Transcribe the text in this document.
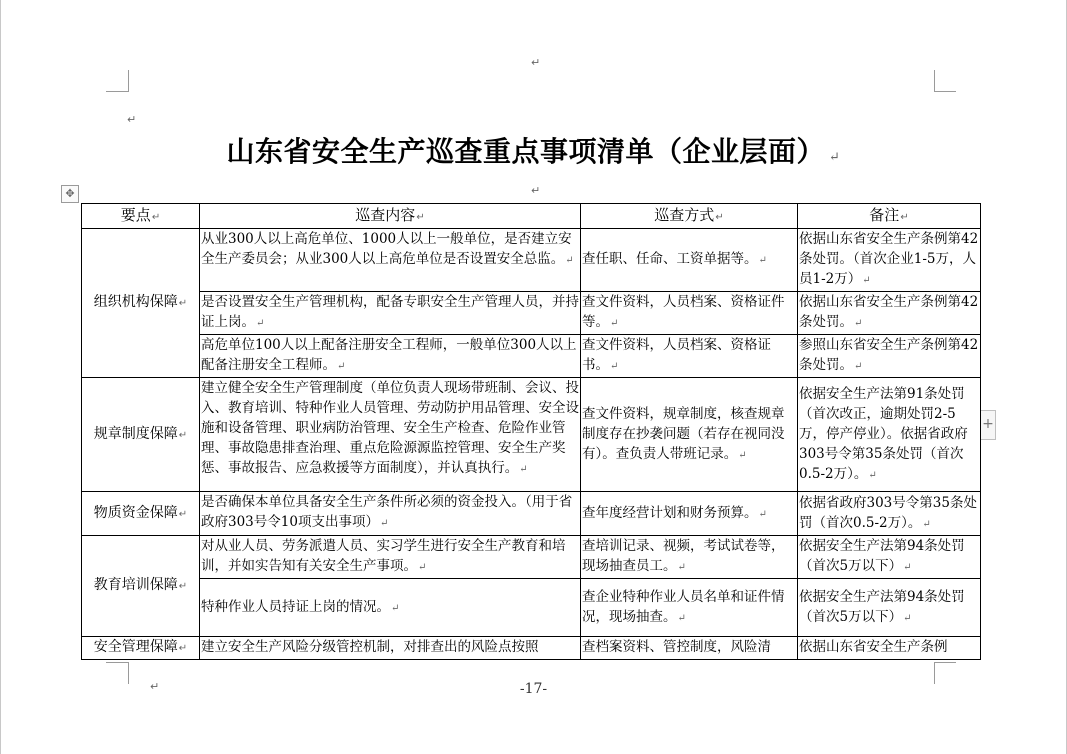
↵
↵
↵
↵
山东省安全生产巡查重点事项清单（企业层面） ↵
✥
+
要点↵	巡查内容↵	巡查方式↵	备注↵
组织机构保障↵	从业300人以上高危单位、1000人以上一般单位，是否建立安全生产委员会；从业300人以上高危单位是否设置安全总监。↵	查任职、任命、工资单据等。↵	依据山东省安全生产条例第42条处罚。（首次企业1-5万，人员1-2万）↵
	是否设置安全生产管理机构，配备专职安全生产管理人员，并持证上岗。↵	查文件资料，人员档案、资格证件等。↵	依据山东省安全生产条例第42条处罚。↵
	高危单位100人以上配备注册安全工程师，一般单位300人以上配备注册安全工程师。↵	查文件资料，人员档案、资格证书。↵	参照山东省安全生产条例第42条处罚。↵
规章制度保障↵	建立健全安全生产管理制度（单位负责人现场带班制、会议、投入、教育培训、特种作业人员管理、劳动防护用品管理、安全设施和设备管理、职业病防治管理、安全生产检查、危险作业管理、事故隐患排查治理、重点危险源源监控管理、安全生产奖惩、事故报告、应急救援等方面制度），并认真执行。↵	查文件资料，规章制度，核查规章制度存在抄袭问题（若存在视同没有）。查负责人带班记录。↵	依据安全生产法第91条处罚（首次改正，逾期处罚2-5万，停产停业）。依据省政府303号令第35条处罚（首次0.5-2万）。↵
物质资金保障↵	是否确保本单位具备安全生产条件所必须的资金投入。（用于省政府303号令10项支出事项）↵	查年度经营计划和财务预算。↵	依据省政府303号令第35条处罚（首次0.5-2万）。↵
教育培训保障↵	对从业人员、劳务派遣人员、实习学生进行安全生产教育和培训，并如实告知有关安全生产事项。↵	查培训记录、视频，考试试卷等，现场抽查员工。↵	依据安全生产法第94条处罚（首次5万以下）↵
	特种作业人员持证上岗的情况。↵	查企业特种作业人员名单和证件情况，现场抽查。↵	依据安全生产法第94条处罚（首次5万以下）↵
安全管理保障↵	建立安全生产风险分级管控机制，对排查出的风险点按照	查档案资料、管控制度，风险清	依据山东省安全生产条例
-17-
